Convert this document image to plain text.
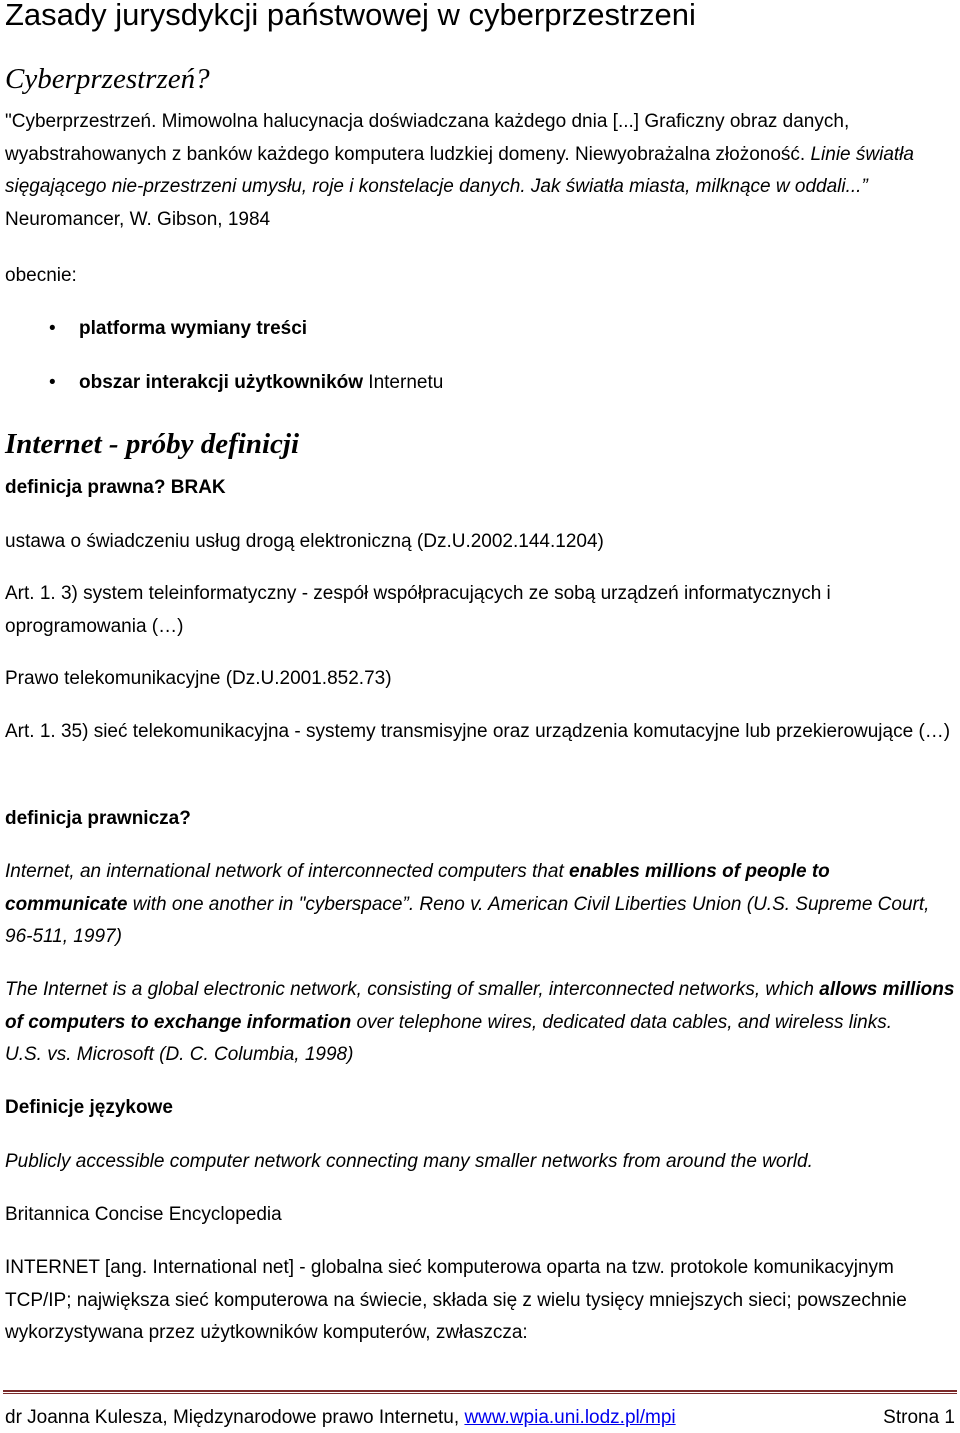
Zasady jurysdykcji państwowej w cyberprzestrzeni
Cyberprzestrzeń?
"Cyberprzestrzeń. Mimowolna halucynacja doświadczana każdego dnia [...] Graficzny obraz danych, wyabstrahowanych z banków każdego komputera ludzkiej domeny. Niewyobrażalna złożoność. Linie światła sięgającego nie-przestrzeni umysłu, roje i konstelacje danych. Jak światła miasta, milknące w oddali...” Neuromancer, W. Gibson, 1984
obecnie:
• platforma wymiany treści
• obszar interakcji użytkowników Internetu
Internet - próby definicji
definicja prawna? BRAK
ustawa o świadczeniu usług drogą elektroniczną (Dz.U.2002.144.1204)
Art. 1. 3) system teleinformatyczny - zespół współpracujących ze sobą urządzeń informatycznych i oprogramowania (…)
Prawo telekomunikacyjne (Dz.U.2001.852.73)
Art. 1. 35) sieć telekomunikacyjna - systemy transmisyjne oraz urządzenia komutacyjne lub przekierowujące (…)
definicja prawnicza?
Internet, an international network of interconnected computers that enables millions of people to communicate with one another in "cyberspace”. Reno v. American Civil Liberties Union (U.S. Supreme Court, 96-511, 1997)
The Internet is a global electronic network, consisting of smaller, interconnected networks, which allows millions of computers to exchange information over telephone wires, dedicated data cables, and wireless links.U.S. vs. Microsoft (D. C. Columbia, 1998)
Definicje językowe
Publicly accessible computer network connecting many smaller networks from around the world.
Britannica Concise Encyclopedia
INTERNET [ang. International net] - globalna sieć komputerowa oparta na tzw. protokole komunikacyjnym TCP/IP; największa sieć komputerowa na świecie, składa się z wielu tysięcy mniejszych sieci; powszechnie wykorzystywana przez użytkowników komputerów, zwłaszcza:
dr Joanna Kulesza, Międzynarodowe prawo Internetu, www.wpia.uni.lodz.pl/mpi	Strona 1
